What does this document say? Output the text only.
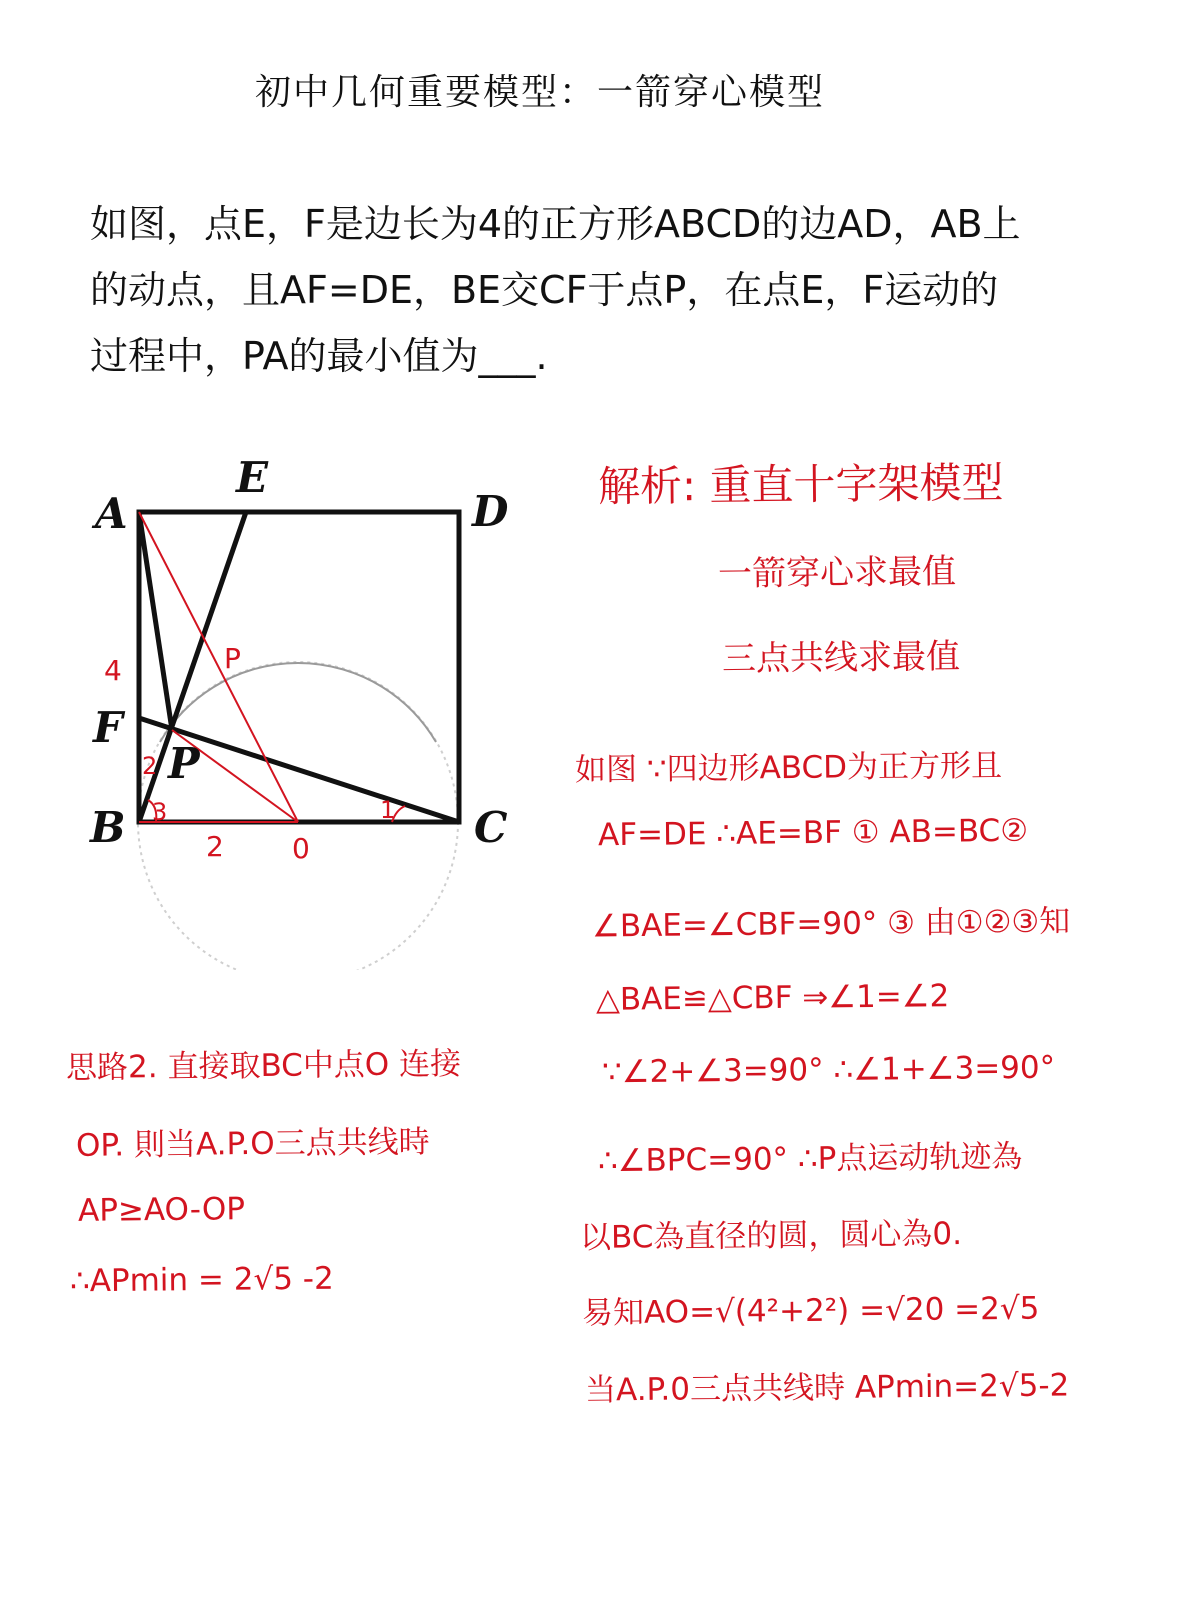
初中几何重要模型：一箭穿心模型

如图，点E，F是边长为4的正方形ABCD的边AD，AB上

的动点，且AF=DE，BE交CF于点P，在点E，F运动的

过程中，PA的最小值为___.

A
E
D
F
P
B	C
4
2 0
P
1
2
3
解析: 重直十字架模型
一箭穿心求最值
三点共线求最值
如图 ∵四边形ABCD为正方形且
AF=DE ∴AE=BF ① AB=BC②
∠BAE=∠CBF=90° ③ 由①②③知
△BAE≌△CBF ⇒∠1=∠2
∵∠2+∠3=90° ∴∠1+∠3=90°
∴∠BPC=90° ∴P点运动轨迹為
以BC為直径的圆，圆心為0.
易知AO=√(4²+2²) =√20 =2√5
当A.P.0三点共线時 APmin=2√5-2
思路2. 直接取BC中点O 连接
OP. 則当A.P.O三点共线時
AP≥AO-OP
∴APmin = 2√5 -2
